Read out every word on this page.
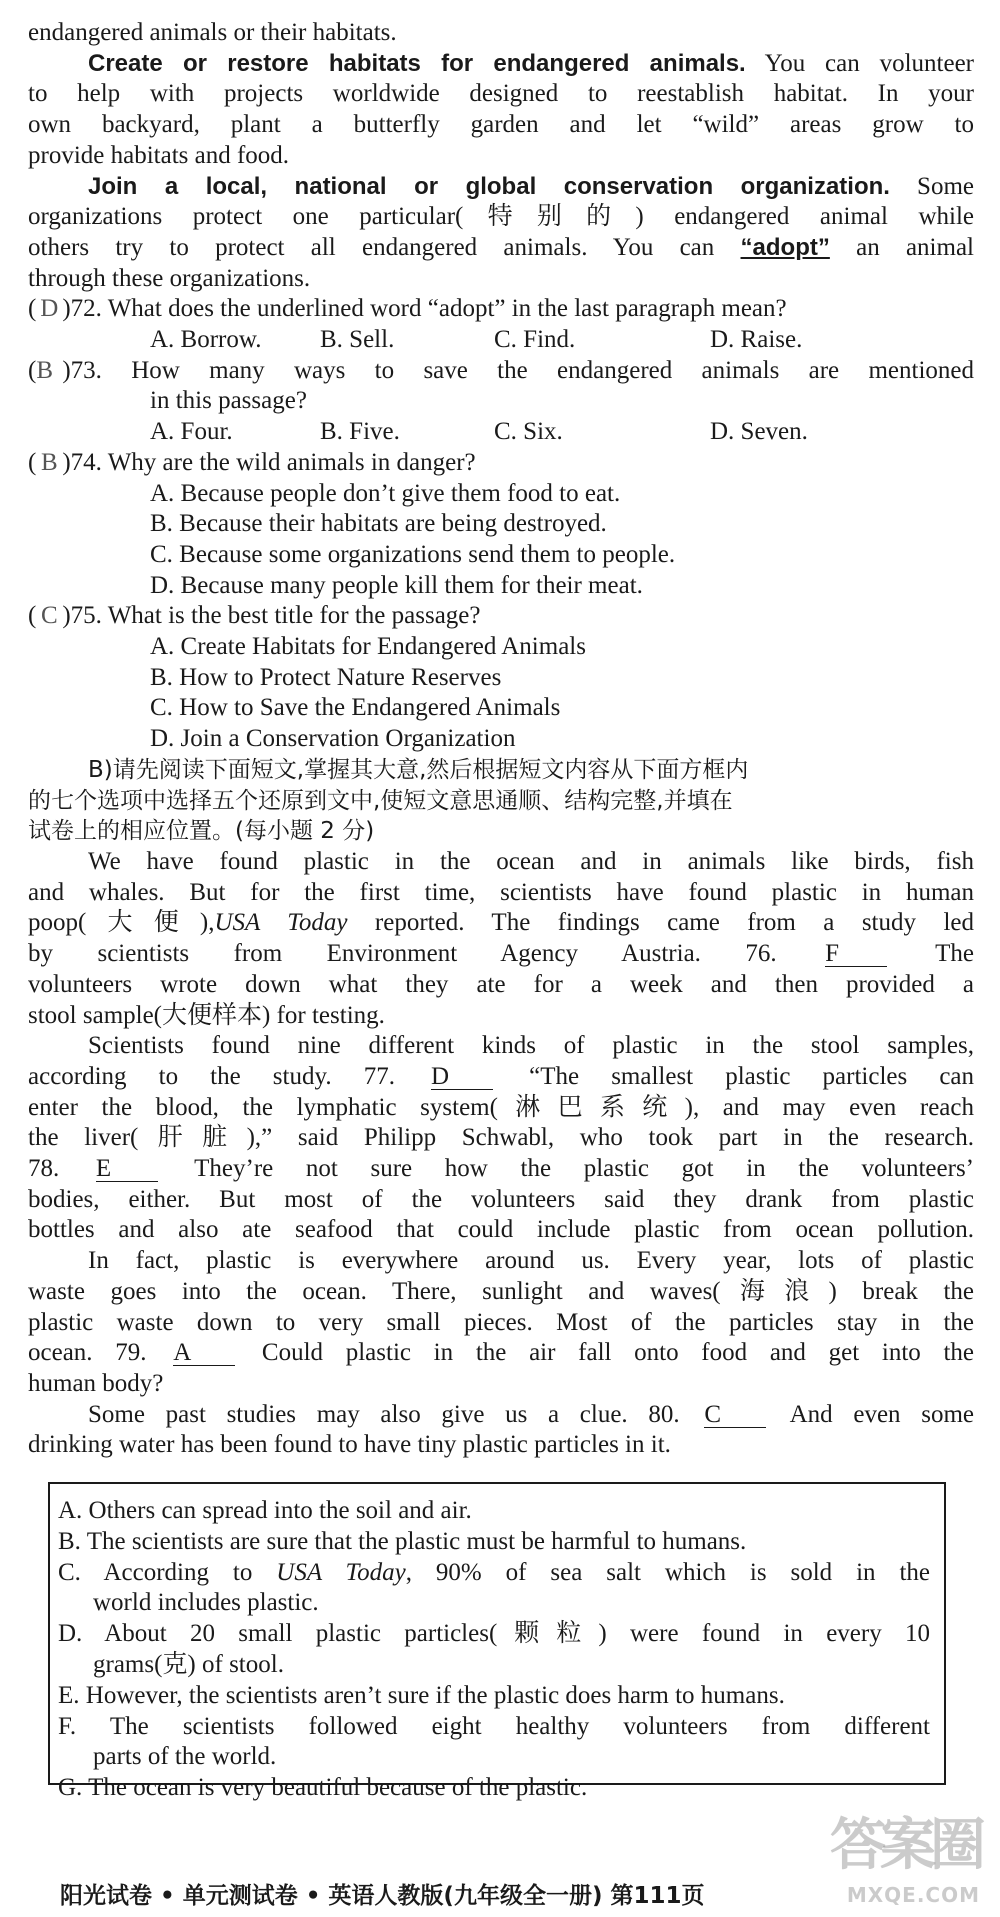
endangered animals or their habitats.
Create or restore habitats for endangered animals. You can volunteer
to help with projects worldwide designed to reestablish habitat. In your
own backyard, plant a butterfly garden and let “wild” areas grow to
provide habitats and food.
Join a local, national or global conservation organization. Some
organizations protect one particular(特别的) endangered animal while
others try to protect all endangered animals. You can “adopt” an animal
through these organizations.
( D )72. What does the underlined word “adopt” in the last paragraph mean?
A. Borrow.	B. Sell.	C. Find.	D. Raise.
(B )73. How many ways to save the endangered animals are mentioned
in this passage?
A. Four.	B. Five.	C. Six.	D. Seven.
( B )74. Why are the wild animals in danger?
A. Because people don’t give them food to eat.
B. Because their habitats are being destroyed.
C. Because some organizations send them to people.
D. Because many people kill them for their meat.
( C )75. What is the best title for the passage?
A. Create Habitats for Endangered Animals
B. How to Protect Nature Reserves
C. How to Save the Endangered Animals
D. Join a Conservation Organization
B)请先阅读下面短文,掌握其大意,然后根据短文内容从下面方框内
的七个选项中选择五个还原到文中,使短文意思通顺、结构完整,并填在
试卷上的相应位置。(每小题 2 分)
We have found plastic in the ocean and in animals like birds, fish
and whales. But for the first time, scientists have found plastic in human
poop(大便),USA Today reported. The findings came from a study led
by scientists from Environment Agency Austria. 76. F	The
volunteers wrote down what they ate for a week and then provided a
stool sample(大便样本) for testing.
Scientists found nine different kinds of plastic in the stool samples,
according to the study. 77. D	“The smallest plastic particles can
enter the blood, the lymphatic system(淋巴系统), and may even reach
the liver(肝脏),” said Philipp Schwabl, who took part in the research.
78. E	They’re not sure how the plastic got in the volunteers’
bodies, either. But most of the volunteers said they drank from plastic
bottles and also ate seafood that could include plastic from ocean pollution.
In fact, plastic is everywhere around us. Every year, lots of plastic
waste goes into the ocean. There, sunlight and waves(海浪) break the
plastic waste down to very small pieces. Most of the particles stay in the
ocean. 79. A	Could plastic in the air fall onto food and get into the
human body?
Some past studies may also give us a clue. 80. C	And even some
drinking water has been found to have tiny plastic particles in it.
A. Others can spread into the soil and air.
B. The scientists are sure that the plastic must be harmful to humans.
C. According to USA Today, 90% of sea salt which is sold in the
world includes plastic.
D. About 20 small plastic particles(颗粒) were found in every 10
grams(克) of stool.
E. However, the scientists aren’t sure if the plastic does harm to humans.
F. The scientists followed eight healthy volunteers from different
parts of the world.
G. The ocean is very beautiful because of the plastic.
阳光试卷 • 单元测试卷 • 英语人教版(九年级全一册) 第111页
答案圈
MXQE.COM
